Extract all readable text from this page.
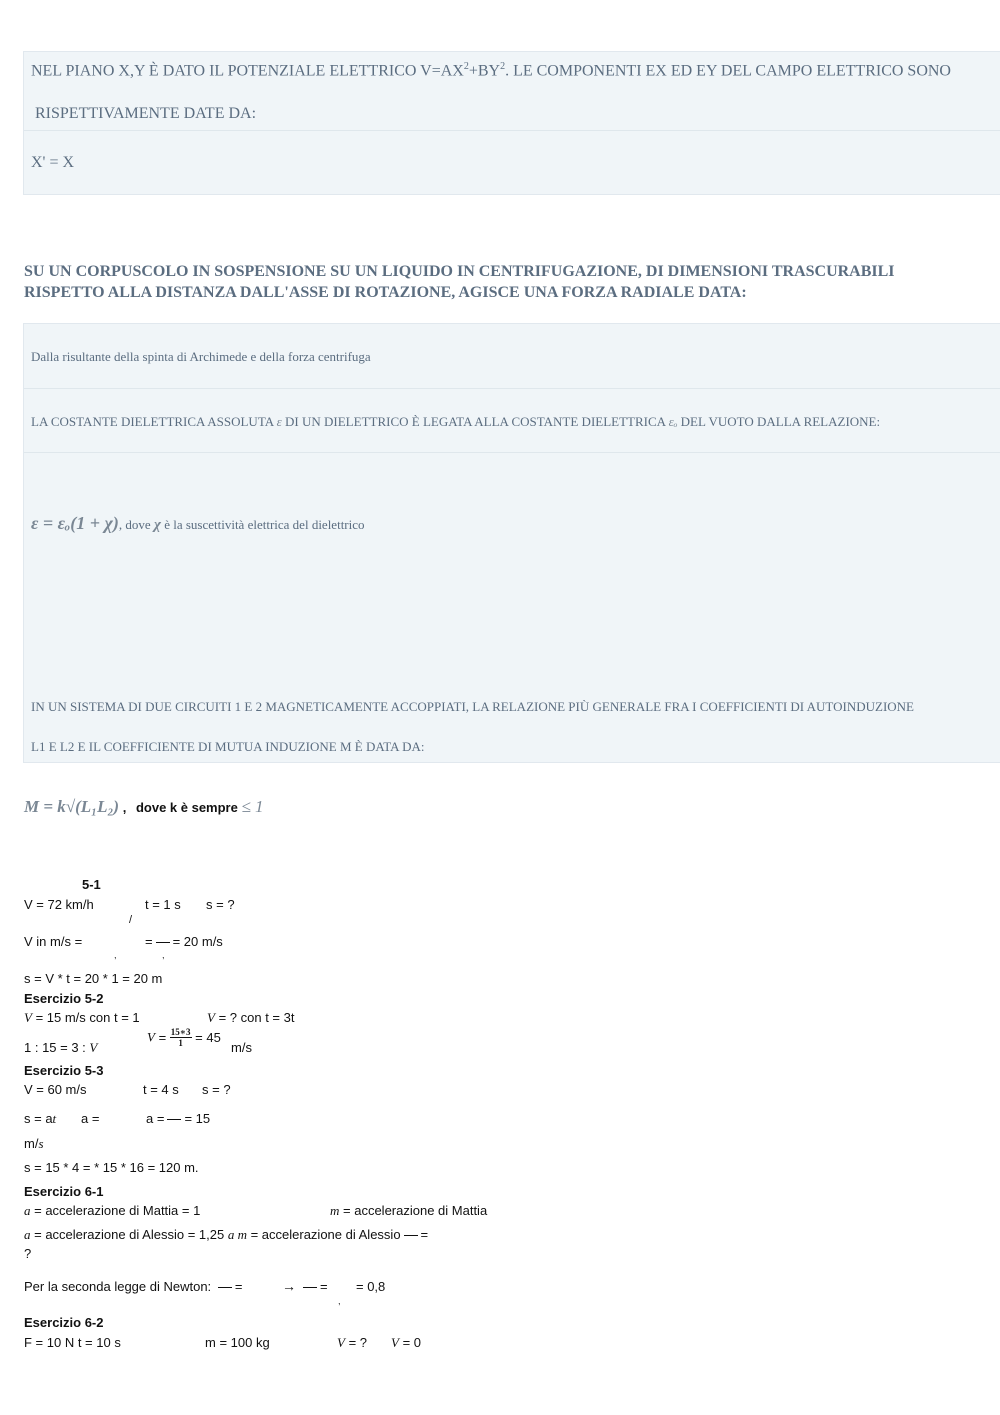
NEL PIANO X,Y È DATO IL POTENZIALE ELETTRICO $V=AX^2+BY^2$. LE COMPONENTI EX ED EY DEL CAMPO ELETTRICO SONO
RISPETTIVAMENTE DATE DA:
X' = X
SU UN CORPUSCOLO IN SOSPENSIONE SU UN LIQUIDO IN CENTRIFUGAZIONE, DI DIMENSIONI TRASCURABILI
RISPETTO ALLA DISTANZA DALL'ASSE DI ROTAZIONE, AGISCE UNA FORZA RADIALE DATA:
Dalla risultante della spinta di Archimede e della forza centrifuga
LA COSTANTE DIELETTRICA ASSOLUTA ε DI UN DIELETTRICO È LEGATA ALLA COSTANTE DIELETTRICA εₒ DEL VUOTO DALLA RELAZIONE:
ε = εₒ(1 + χ), dove χ è la suscettività elettrica del dielettrico
IN UN SISTEMA DI DUE CIRCUITI 1 E 2 MAGNETICAMENTE ACCOPPIATI, LA RELAZIONE PIÙ GENERALE FRA I COEFFICIENTI DI AUTOINDUZIONE
L1 E L2 E IL COEFFICIENTE DI MUTUA INDUZIONE M È DATA DA:
M = k√(L₁L₂) , dove k è sempre ≤ 1
5-1
V = 72 km/h	t = 1 s s = ?
/
V in m/s =	= = 20 m/s
,	,
s = V * t = 20 * 1 = 20 m
Esercizio 5-2
V = 15 m/s con t = 1	V = ? con t = 3t
1 : 15 = 3 : V
$V = \frac{15∗3}{1} = 45$
m/s
Esercizio 5-3
V = 60 m/s	t = 4 s s = ?
s = at a =	a = = 15
m/s
s = 15 * 4 = * 15 * 16 = 120 m.
Esercizio 6-1
a = accelerazione di Mattia = 1	m = accelerazione di Mattia
a = accelerazione di Alessio = 1,25 a m = accelerazione di Alessio =
?
Per la seconda legge di Newton: =	→	= = 0,8
,
Esercizio 6-2
F = 10 N t = 10 s	m = 100 kg	V = ? V = 0
